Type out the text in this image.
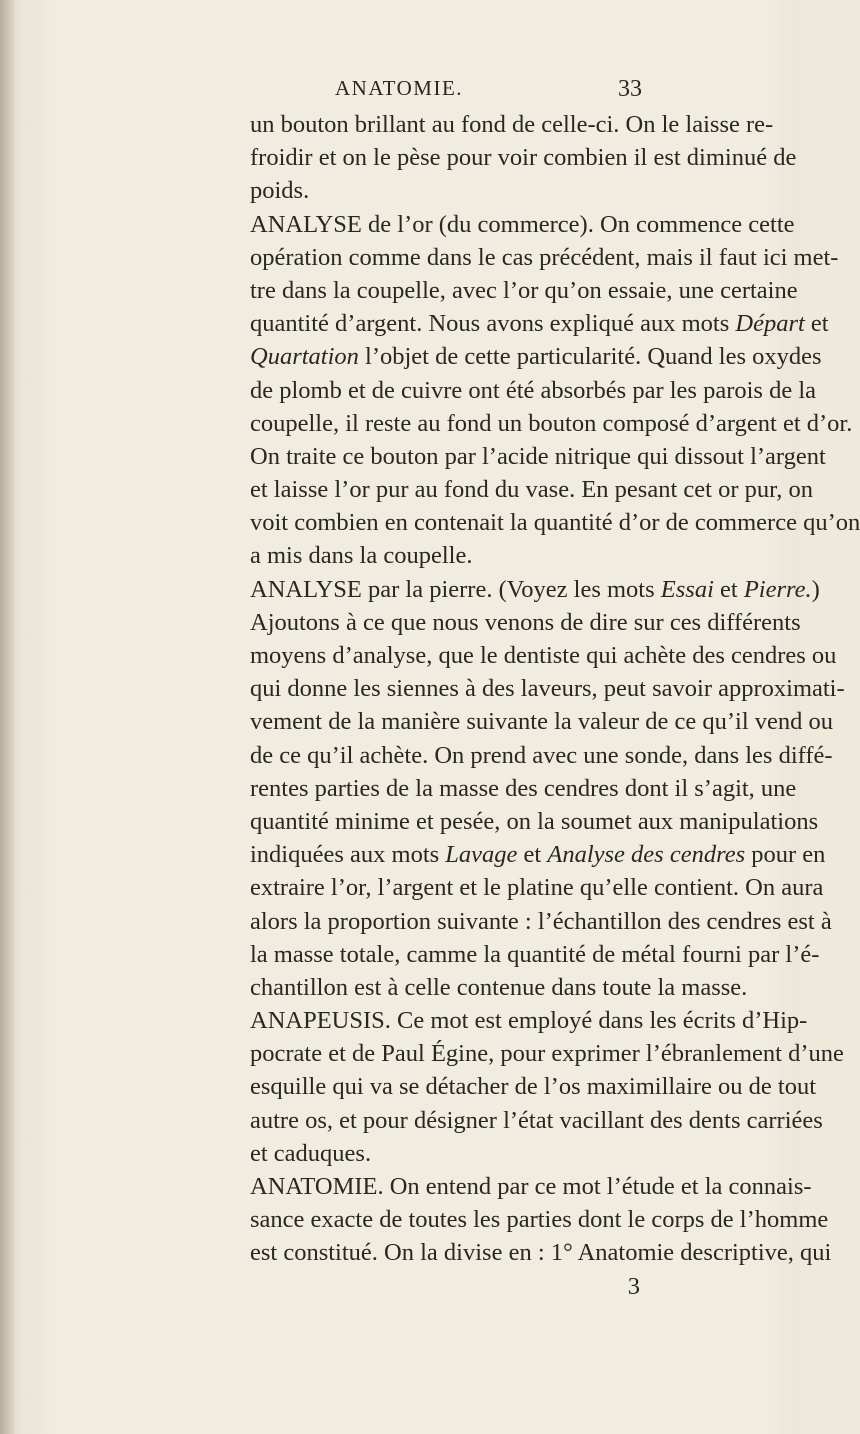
ANATOMIE.	33
un bouton brillant au fond de celle-ci. On le laisse re-
froidir et on le pèse pour voir combien il est diminué de
poids.
ANALYSE de l’or (du commerce). On commence cette
opération comme dans le cas précédent, mais il faut ici met-
tre dans la coupelle, avec l’or qu’on essaie, une certaine
quantité d’argent. Nous avons expliqué aux mots Départ et
Quartation l’objet de cette particularité. Quand les oxydes
de plomb et de cuivre ont été absorbés par les parois de la
coupelle, il reste au fond un bouton composé d’argent et d’or.
On traite ce bouton par l’acide nitrique qui dissout l’argent
et laisse l’or pur au fond du vase. En pesant cet or pur, on
voit combien en contenait la quantité d’or de commerce qu’on
a mis dans la coupelle.
ANALYSE par la pierre. (Voyez les mots Essai et Pierre.)
Ajoutons à ce que nous venons de dire sur ces différents
moyens d’analyse, que le dentiste qui achète des cendres ou
qui donne les siennes à des laveurs, peut savoir approximati-
vement de la manière suivante la valeur de ce qu’il vend ou
de ce qu’il achète. On prend avec une sonde, dans les diffé-
rentes parties de la masse des cendres dont il s’agit, une
quantité minime et pesée, on la soumet aux manipulations
indiquées aux mots Lavage et Analyse des cendres pour en
extraire l’or, l’argent et le platine qu’elle contient. On aura
alors la proportion suivante : l’échantillon des cendres est à
la masse totale, camme la quantité de métal fourni par l’é-
chantillon est à celle contenue dans toute la masse.
ANAPEUSIS. Ce mot est employé dans les écrits d’Hip-
pocrate et de Paul Égine, pour exprimer l’ébranlement d’une
esquille qui va se détacher de l’os maximillaire ou de tout
autre os, et pour désigner l’état vacillant des dents carriées
et caduques.
ANATOMIE. On entend par ce mot l’étude et la connais-
sance exacte de toutes les parties dont le corps de l’homme
est constitué. On la divise en : 1° Anatomie descriptive, qui
3
